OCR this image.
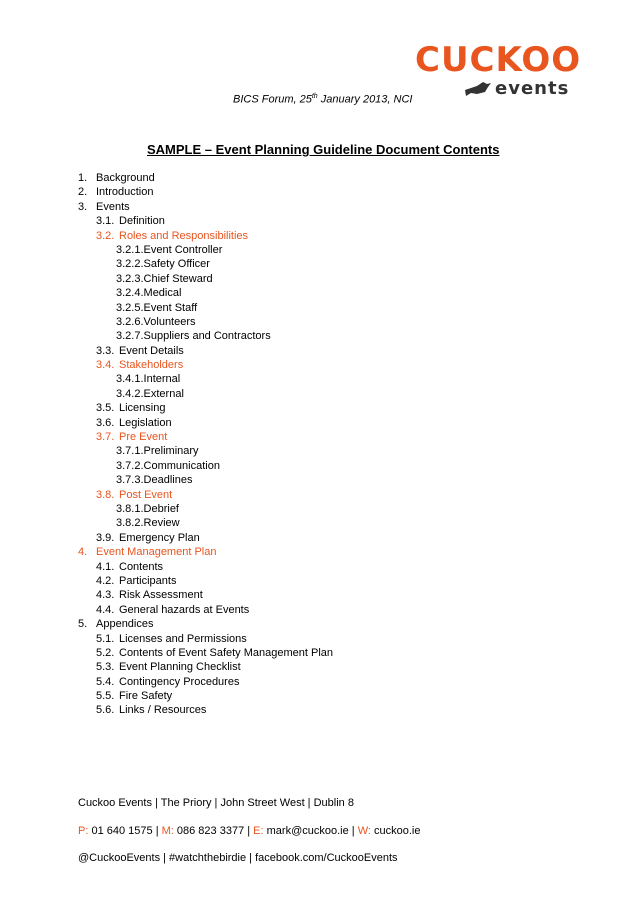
CUCKOO
events
BICS Forum, 25th January 2013, NCI
SAMPLE – Event Planning Guideline Document Contents
1. Background
2. Introduction
3. Events
3.1. Definition
3.2. Roles and Responsibilities
3.2.1.Event Controller
3.2.2.Safety Officer
3.2.3.Chief Steward
3.2.4.Medical
3.2.5.Event Staff
3.2.6.Volunteers
3.2.7.Suppliers and Contractors
3.3. Event Details
3.4. Stakeholders
3.4.1.Internal
3.4.2.External
3.5. Licensing
3.6. Legislation
3.7. Pre Event
3.7.1.Preliminary
3.7.2.Communication
3.7.3.Deadlines
3.8. Post Event
3.8.1.Debrief
3.8.2.Review
3.9. Emergency Plan
4. Event Management Plan
4.1. Contents
4.2. Participants
4.3. Risk Assessment
4.4. General hazards at Events
5. Appendices
5.1. Licenses and Permissions
5.2. Contents of Event Safety Management Plan
5.3. Event Planning Checklist
5.4. Contingency Procedures
5.5. Fire Safety
5.6. Links / Resources
Cuckoo Events | The Priory | John Street West | Dublin 8
P: 01 640 1575 | M: 086 823 3377 | E: mark@cuckoo.ie | W: cuckoo.ie
@CuckooEvents | #watchthebirdie | facebook.com/CuckooEvents
